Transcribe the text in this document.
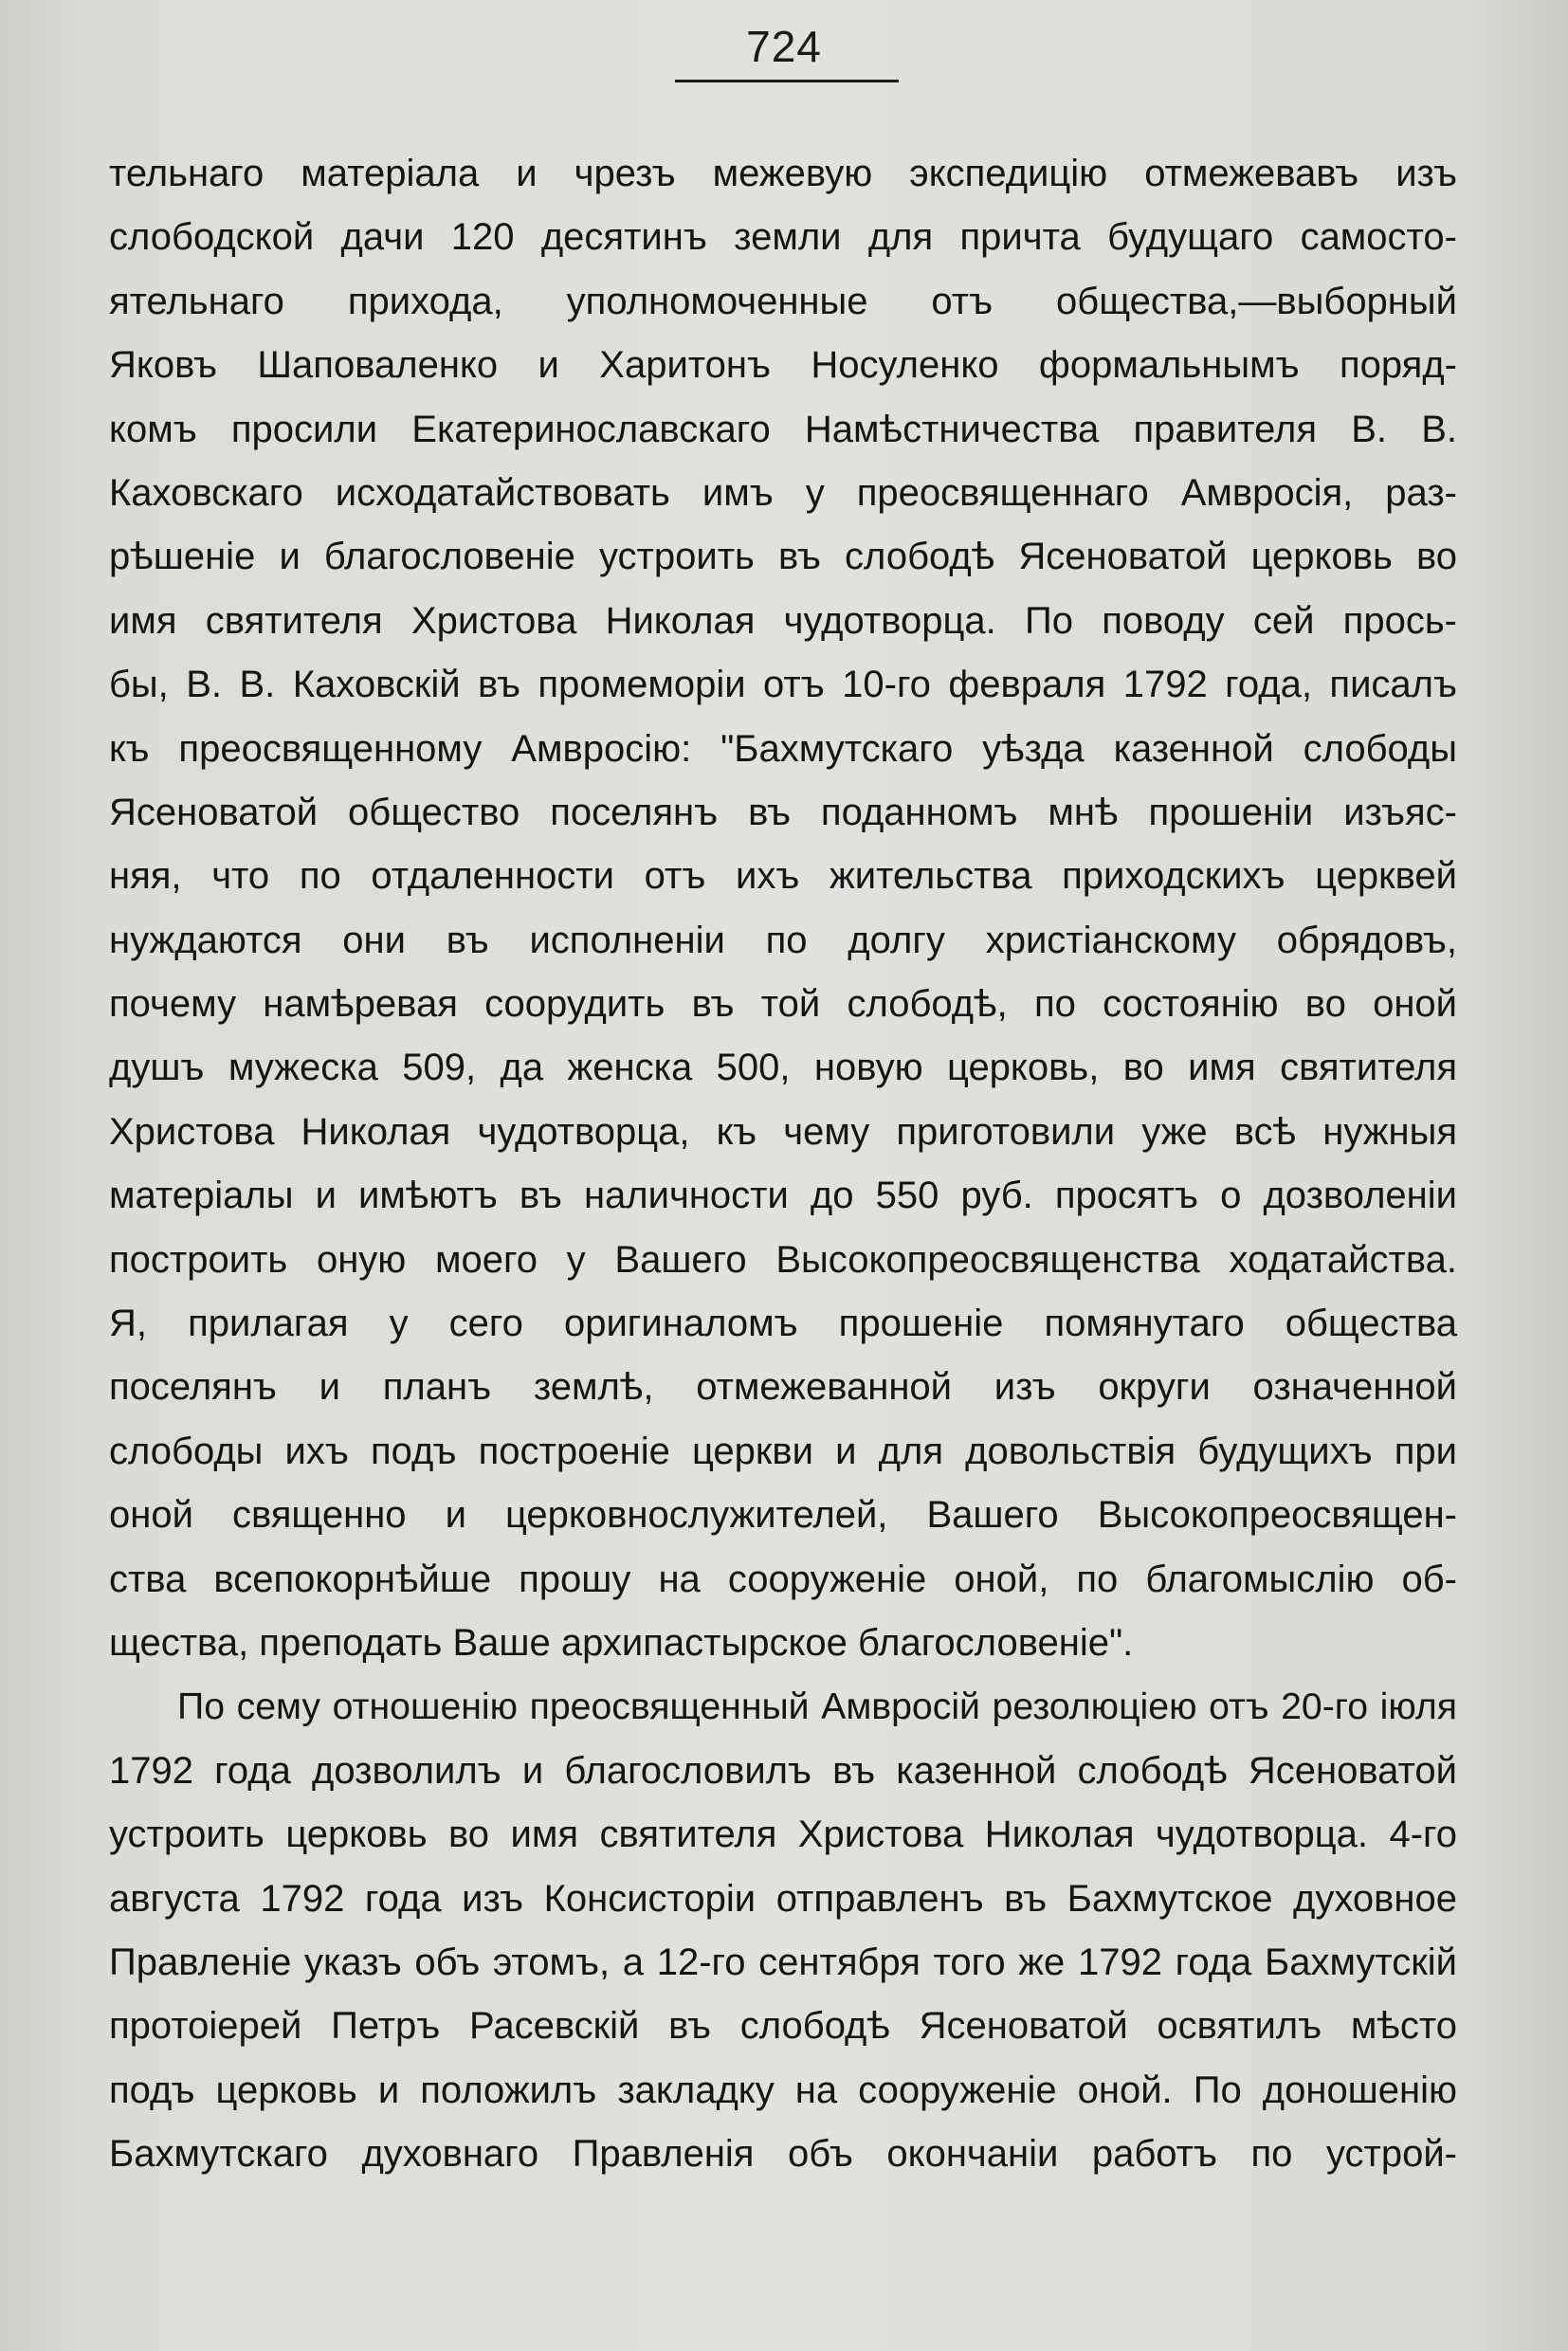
724
тельнаго матеріала и чрезъ межевую экспедицію отмежевавъ изъ
слободской дачи 120 десятинъ земли для причта будущаго самосто-
ятельнаго прихода, уполномоченные отъ общества,—выборный
Яковъ Шаповаленко и Харитонъ Носуленко формальнымъ поряд-
комъ просили Екатеринославскаго Намѣстничества правителя В. В.
Каховскаго исходатайствовать имъ у преосвященнаго Амвросія, раз-
рѣшеніе и благословеніе устроить въ слободѣ Ясеноватой церковь во
имя святителя Христова Николая чудотворца. По поводу сей прось-
бы, В. В. Каховскій въ промеморіи отъ 10-го февраля 1792 года, писалъ
къ преосвященному Амвросію: "Бахмутскаго уѣзда казенной слободы
Ясеноватой общество поселянъ въ поданномъ мнѣ прошеніи изъяс-
няя, что по отдаленности отъ ихъ жительства приходскихъ церквей
нуждаются они въ исполненіи по долгу христіанскому обрядовъ,
почему намѣревая соорудить въ той слободѣ, по состоянію во оной
душъ мужеска 509, да женска 500, новую церковь, во имя святителя
Христова Николая чудотворца, къ чему приготовили уже всѣ нужныя
матеріалы и имѣютъ въ наличности до 550 руб. просятъ о дозволеніи
построить оную моего у Вашего Высокопреосвященства ходатайства.
Я, прилагая у сего оригиналомъ прошеніе помянутаго общества
поселянъ и планъ землѣ, отмежеванной изъ округи означенной
слободы ихъ подъ построеніе церкви и для довольствія будущихъ при
оной священно и церковнослужителей, Вашего Высокопреосвящен-
ства всепокорнѣйше прошу на сооруженіе оной, по благомыслію об-
щества, преподать Ваше архипастырское благословеніе".
По сему отношенію преосвященный Амвросій резолюціею отъ 20-го іюля
1792 года дозволилъ и благословилъ въ казенной слободѣ Ясеноватой
устроить церковь во имя святителя Христова Николая чудотворца. 4-го
августа 1792 года изъ Консисторіи отправленъ въ Бахмутское духовное
Правленіе указъ объ этомъ, а 12-го сентября того же 1792 года Бахмутскій
протоіерей Петръ Расевскій въ слободѣ Ясеноватой освятилъ мѣсто
подъ церковь и положилъ закладку на сооруженіе оной. По доношенію
Бахмутскаго духовнаго Правленія объ окончаніи работъ по устрой-
